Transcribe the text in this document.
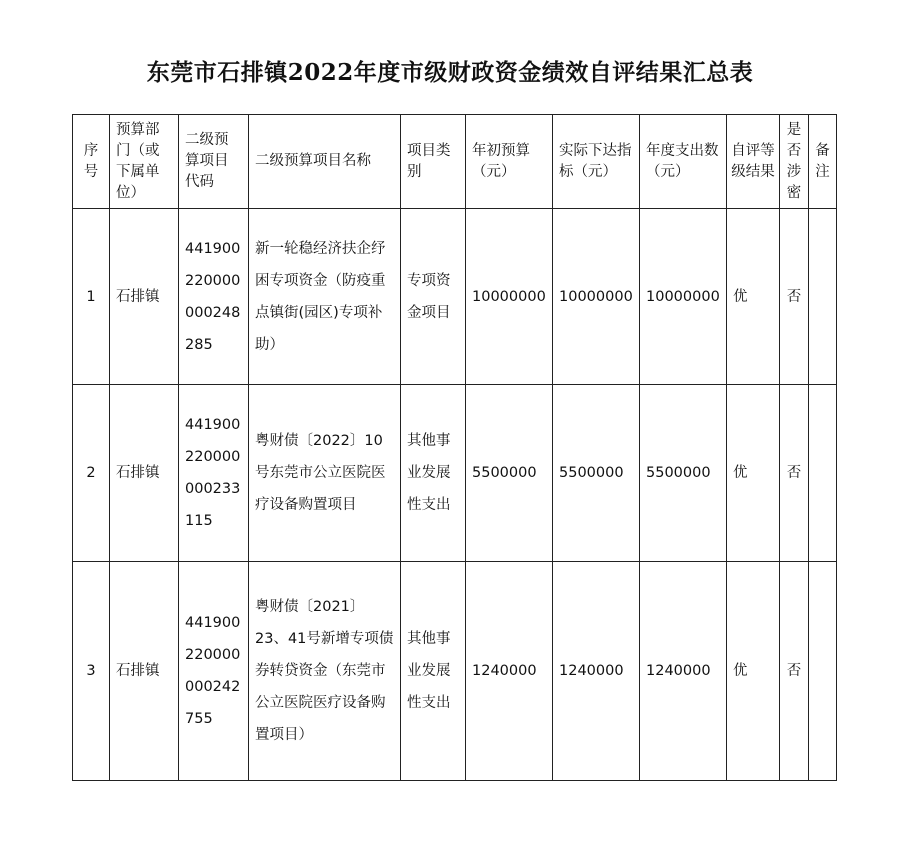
东莞市石排镇2022年度市级财政资金绩效自评结果汇总表
序号	预算部门（或下属单位）	二级预算项目代码	二级预算项目名称	项目类别	年初预算（元）	实际下达指标（元）	年度支出数（元）	自评等级结果	是否涉密	备注

1	石排镇	441900220000000248285	新一轮稳经济扶企纾困专项资金（防疫重点镇街(园区)专项补助）	专项资金项目	10000000	10000000	10000000	优	否	
2	石排镇	441900220000000233115	粤财债〔2022〕10号东莞市公立医院医疗设备购置项目	其他事业发展性支出	5500000	5500000	5500000	优	否	
3	石排镇	441900220000000242755	粤财债〔2021〕23、41号新增专项债券转贷资金（东莞市公立医院医疗设备购置项目）	其他事业发展性支出	1240000	1240000	1240000	优	否	
